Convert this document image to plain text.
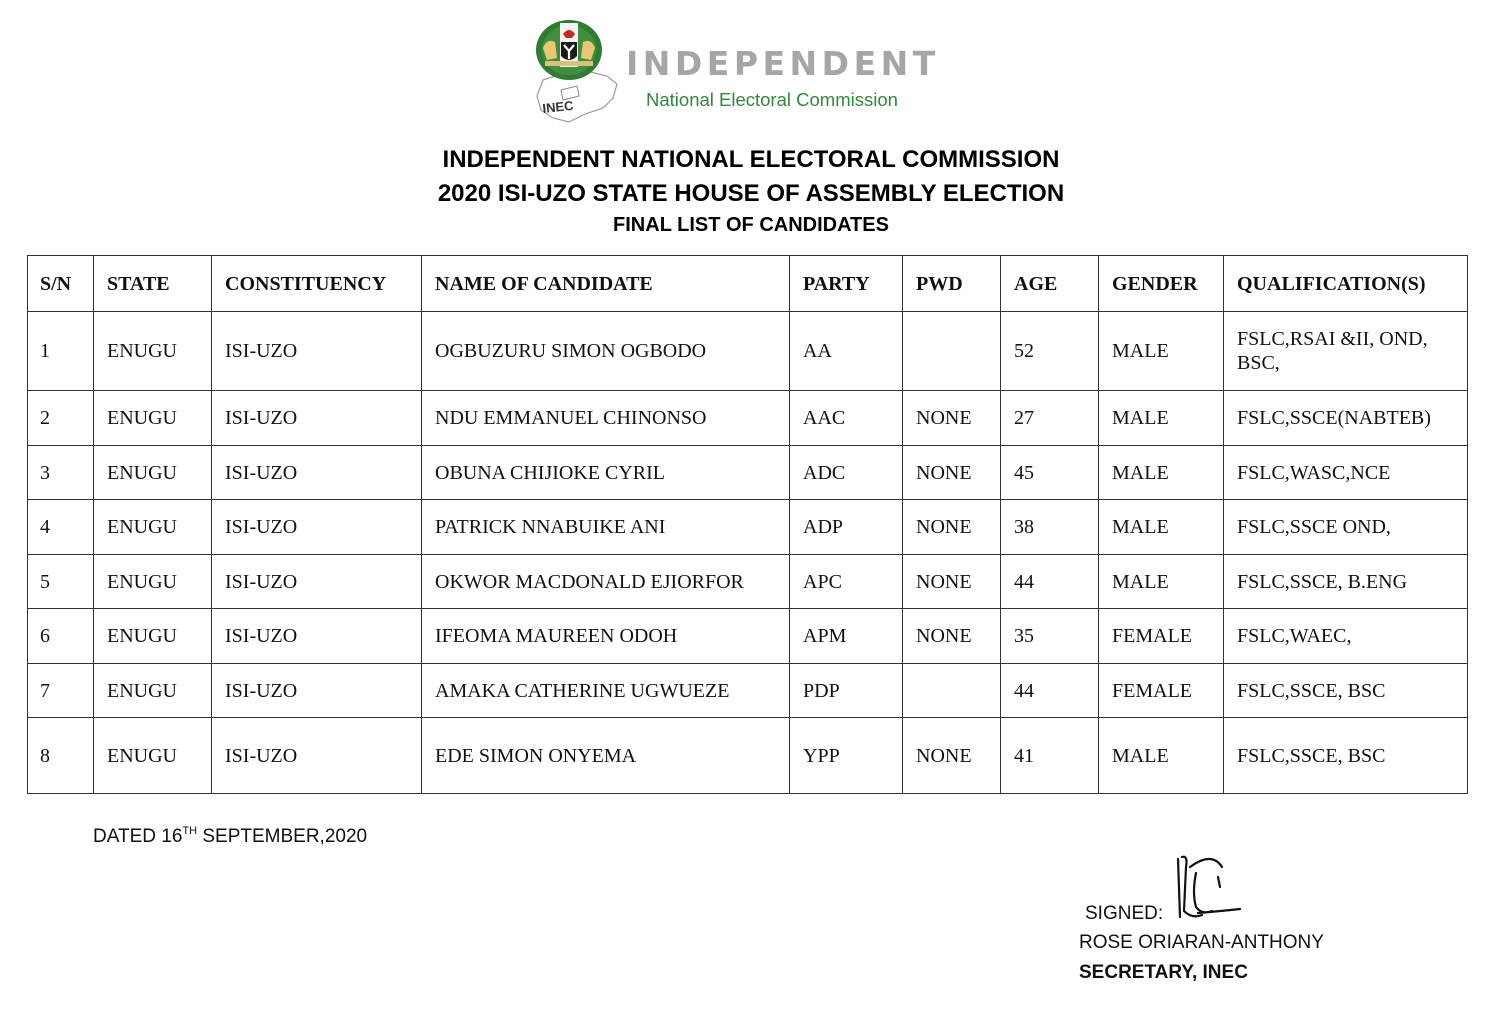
INEC
INDEPENDENT
National Electoral Commission
INDEPENDENT NATIONAL ELECTORAL COMMISSION
2020 ISI-UZO STATE HOUSE OF ASSEMBLY ELECTION
FINAL LIST OF CANDIDATES
S/N	STATE	CONSTITUENCY	NAME OF CANDIDATE	PARTY	PWD	AGE	GENDER	QUALIFICATION(S)
1	ENUGU	ISI-UZO	OGBUZURU SIMON OGBODO	AA		52	MALE	FSLC,RSAI &II, OND, BSC,
2	ENUGU	ISI-UZO	NDU EMMANUEL CHINONSO	AAC	NONE	27	MALE	FSLC,SSCE(NABTEB)
3	ENUGU	ISI-UZO	OBUNA CHIJIOKE CYRIL	ADC	NONE	45	MALE	FSLC,WASC,NCE
4	ENUGU	ISI-UZO	PATRICK NNABUIKE ANI	ADP	NONE	38	MALE	FSLC,SSCE OND,
5	ENUGU	ISI-UZO	OKWOR MACDONALD EJIORFOR	APC	NONE	44	MALE	FSLC,SSCE, B.ENG
6	ENUGU	ISI-UZO	IFEOMA MAUREEN ODOH	APM	NONE	35	FEMALE	FSLC,WAEC,
7	ENUGU	ISI-UZO	AMAKA CATHERINE UGWUEZE	PDP		44	FEMALE	FSLC,SSCE, BSC
8	ENUGU	ISI-UZO	EDE SIMON ONYEMA	YPP	NONE	41	MALE	FSLC,SSCE, BSC
DATED 16TH SEPTEMBER,2020
SIGNED:
ROSE ORIARAN-ANTHONY
SECRETARY, INEC
